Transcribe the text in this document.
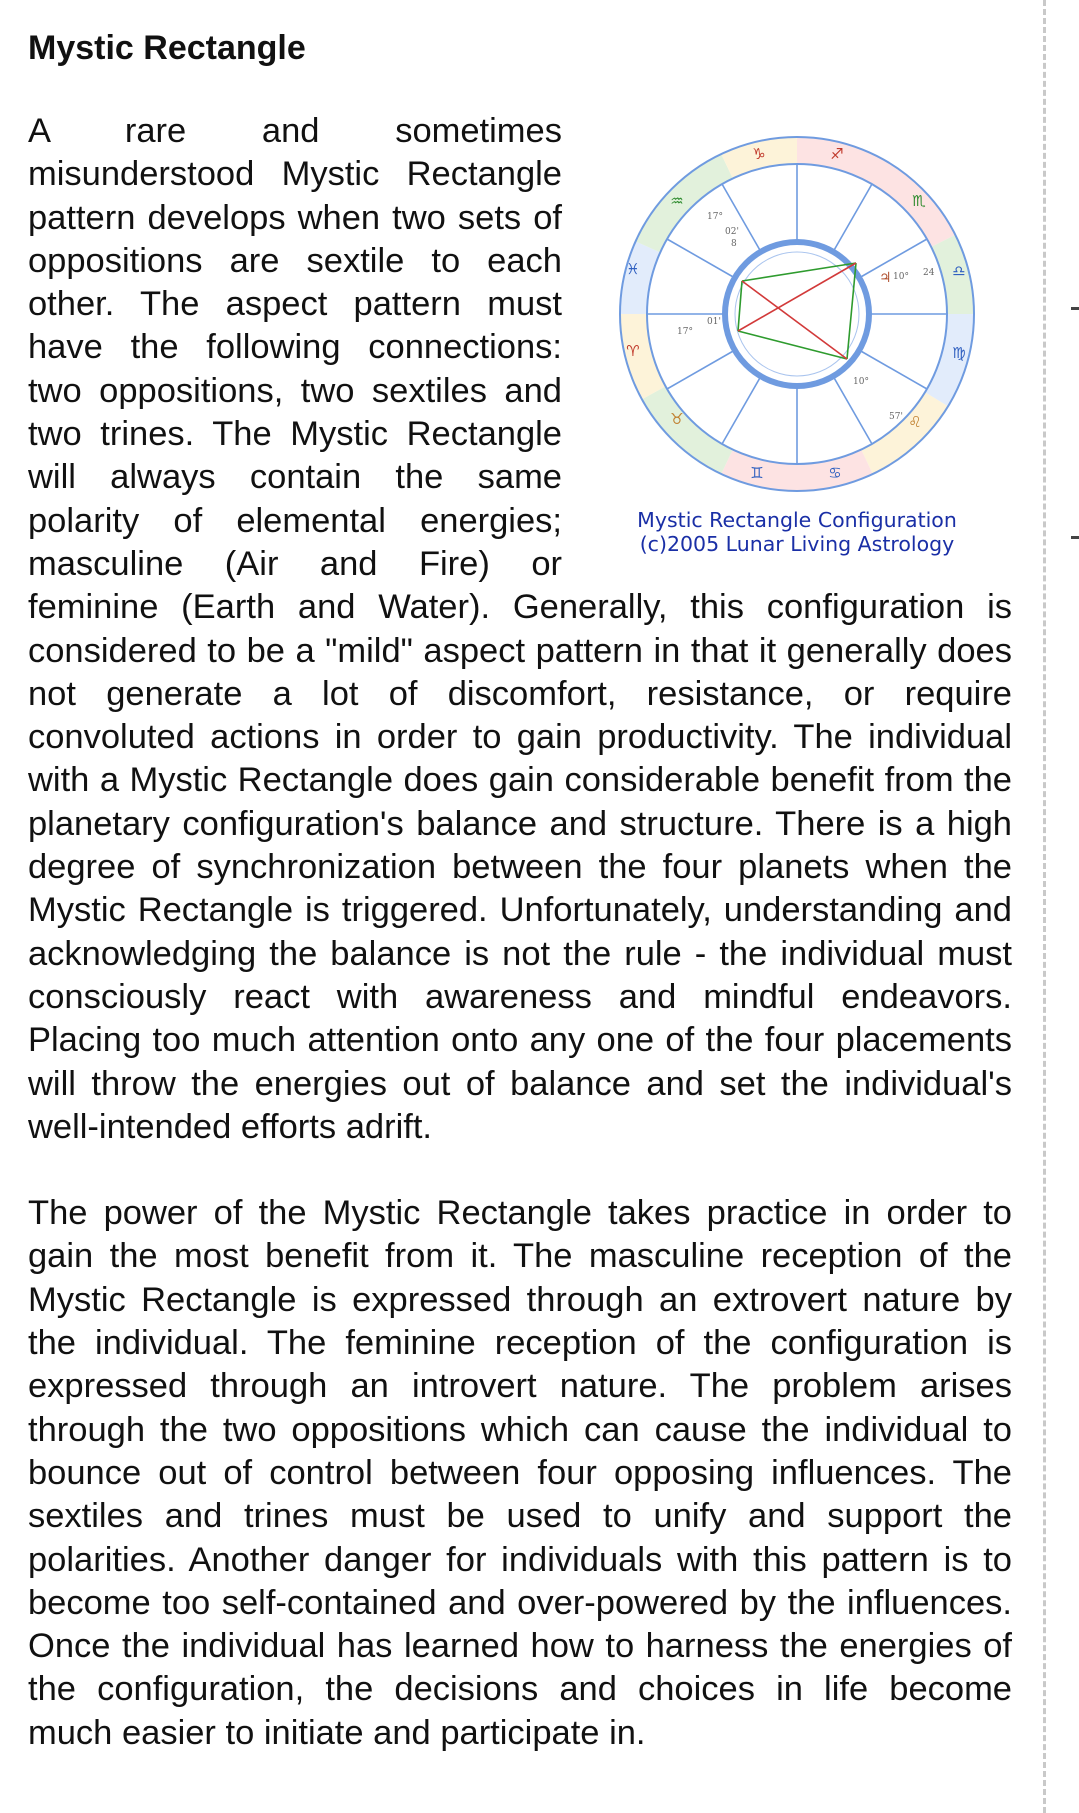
Mystic Rectangle
♑	♐
♏
♎
♍
♌
♋
♊
♉
♈
♓
♒
17°
02'
8
17°
01'
♃ 10° 24
10°
57'
Mystic Rectangle Configuration
(c)2005 Lunar Living Astrology

A rare and sometimes misunderstood Mystic Rectangle pattern develops when two sets of oppositions are sextile to each other. The aspect pattern must have the following connections: two oppositions, two sextiles and two trines. The Mystic Rectangle will always contain the same polarity of elemental energies; masculine (Air and Fire) or feminine (Earth and Water). Generally, this configuration is considered to be a "mild" aspect pattern in that it generally does not generate a lot of discomfort, resistance, or require convoluted actions in order to gain productivity. The individual with a Mystic Rectangle does gain considerable benefit from the planetary configuration's balance and structure. There is a high degree of synchronization between the four planets when the Mystic Rectangle is triggered. Unfortunately, understanding and acknowledging the balance is not the rule - the individual must consciously react with awareness and mindful endeavors. Placing too much attention onto any one of the four placements will throw the energies out of balance and set the individual's well-intended efforts adrift.

The power of the Mystic Rectangle takes practice in order to gain the most benefit from it. The masculine reception of the Mystic Rectangle is expressed through an extrovert nature by the individual. The feminine reception of the configuration is expressed through an introvert nature. The problem arises through the two oppositions which can cause the individual to bounce out of control between four opposing influences. The sextiles and trines must be used to unify and support the polarities. Another danger for individuals with this pattern is to become too self-contained and over-powered by the influences. Once the individual has learned how to harness the energies of the configuration, the decisions and choices in life become much easier to initiate and participate in.
